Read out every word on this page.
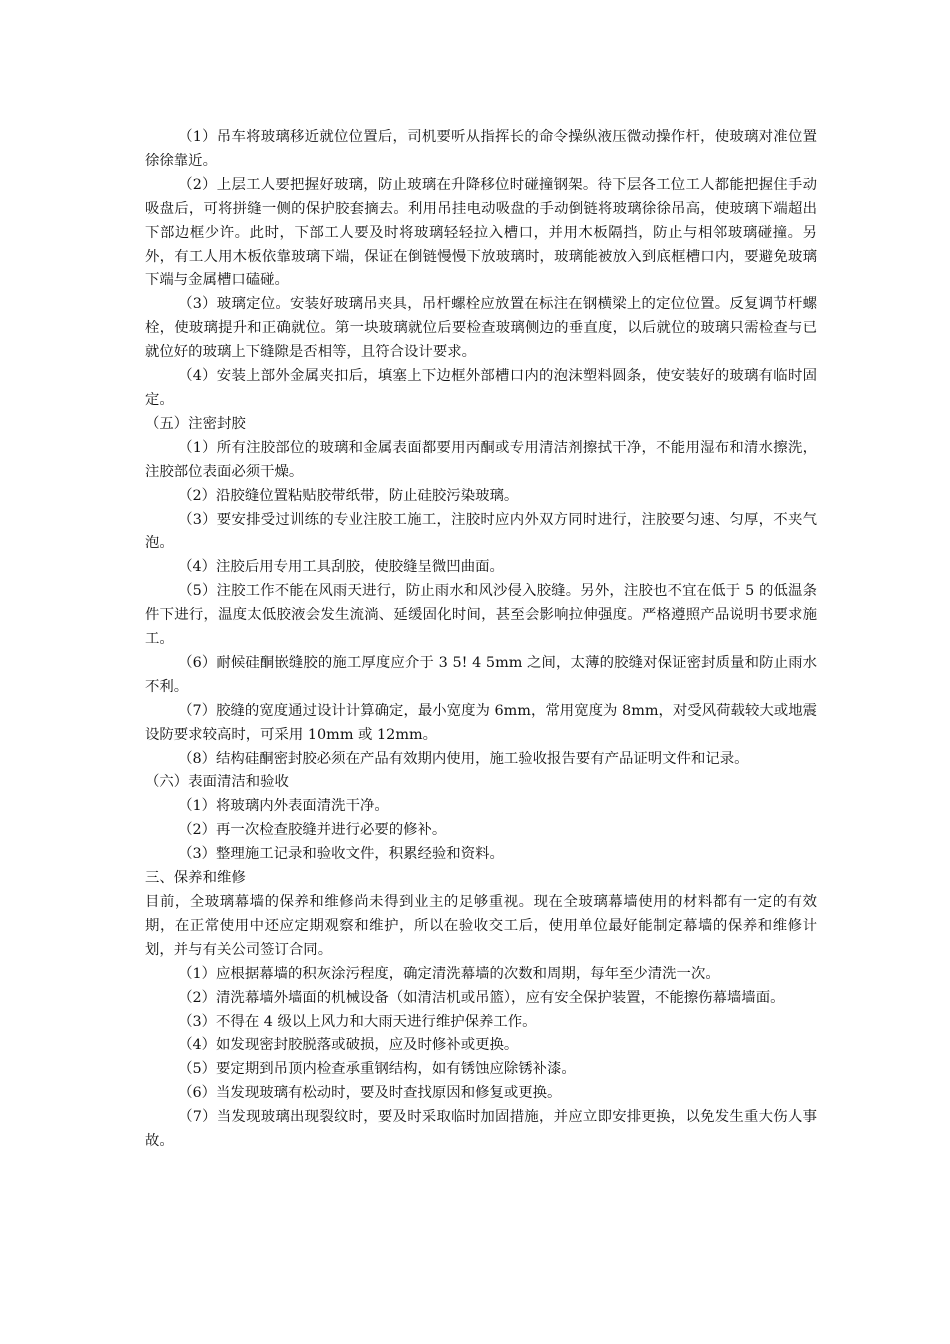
（1）吊车将玻璃移近就位位置后，司机要听从指挥长的命令操纵液压微动操作杆，使玻璃对准位置徐徐靠近。

（2）上层工人要把握好玻璃，防止玻璃在升降移位时碰撞钢架。待下层各工位工人都能把握住手动吸盘后，可将拼缝一侧的保护胶套摘去。利用吊挂电动吸盘的手动倒链将玻璃徐徐吊高，使玻璃下端超出下部边框少许。此时，下部工人要及时将玻璃轻轻拉入槽口，并用木板隔挡，防止与相邻玻璃碰撞。另外，有工人用木板依靠玻璃下端，保证在倒链慢慢下放玻璃时，玻璃能被放入到底框槽口内，要避免玻璃下端与金属槽口磕碰。

（3）玻璃定位。安装好玻璃吊夹具，吊杆螺栓应放置在标注在钢横梁上的定位位置。反复调节杆螺栓，使玻璃提升和正确就位。第一块玻璃就位后要检查玻璃侧边的垂直度，以后就位的玻璃只需检查与已就位好的玻璃上下缝隙是否相等，且符合设计要求。

（4）安装上部外金属夹扣后，填塞上下边框外部槽口内的泡沫塑料圆条，使安装好的玻璃有临时固定。

（五）注密封胶

（1）所有注胶部位的玻璃和金属表面都要用丙酮或专用清洁剂擦拭干净，不能用湿布和清水擦洗，注胶部位表面必须干燥。

（2）沿胶缝位置粘贴胶带纸带，防止硅胶污染玻璃。

（3）要安排受过训练的专业注胶工施工，注胶时应内外双方同时进行，注胶要匀速、匀厚，不夹气泡。

（4）注胶后用专用工具刮胶，使胶缝呈微凹曲面。

（5）注胶工作不能在风雨天进行，防止雨水和风沙侵入胶缝。另外，注胶也不宜在低于 5 的低温条件下进行，温度太低胶液会发生流淌、延缓固化时间，甚至会影响拉伸强度。严格遵照产品说明书要求施工。

（6）耐候硅酮嵌缝胶的施工厚度应介于 3 5! 4 5mm 之间，太薄的胶缝对保证密封质量和防止雨水不利。

（7）胶缝的宽度通过设计计算确定，最小宽度为 6mm，常用宽度为 8mm，对受风荷载较大或地震设防要求较高时，可采用 10mm 或 12mm。

（8）结构硅酮密封胶必须在产品有效期内使用，施工验收报告要有产品证明文件和记录。

（六）表面清洁和验收

（1）将玻璃内外表面清洗干净。

（2）再一次检查胶缝并进行必要的修补。

（3）整理施工记录和验收文件，积累经验和资料。

三、保养和维修

目前，全玻璃幕墙的保养和维修尚未得到业主的足够重视。现在全玻璃幕墙使用的材料都有一定的有效期，在正常使用中还应定期观察和维护，所以在验收交工后，使用单位最好能制定幕墙的保养和维修计划，并与有关公司签订合同。

（1）应根据幕墙的积灰涂污程度，确定清洗幕墙的次数和周期，每年至少清洗一次。

（2）清洗幕墙外墙面的机械设备（如清洁机或吊篮），应有安全保护装置，不能擦伤幕墙墙面。

（3）不得在 4 级以上风力和大雨天进行维护保养工作。

（4）如发现密封胶脱落或破损，应及时修补或更换。

（5）要定期到吊顶内检查承重钢结构，如有锈蚀应除锈补漆。

（6）当发现玻璃有松动时，要及时查找原因和修复或更换。

（7）当发现玻璃出现裂纹时，要及时采取临时加固措施，并应立即安排更换，以免发生重大伤人事故。
